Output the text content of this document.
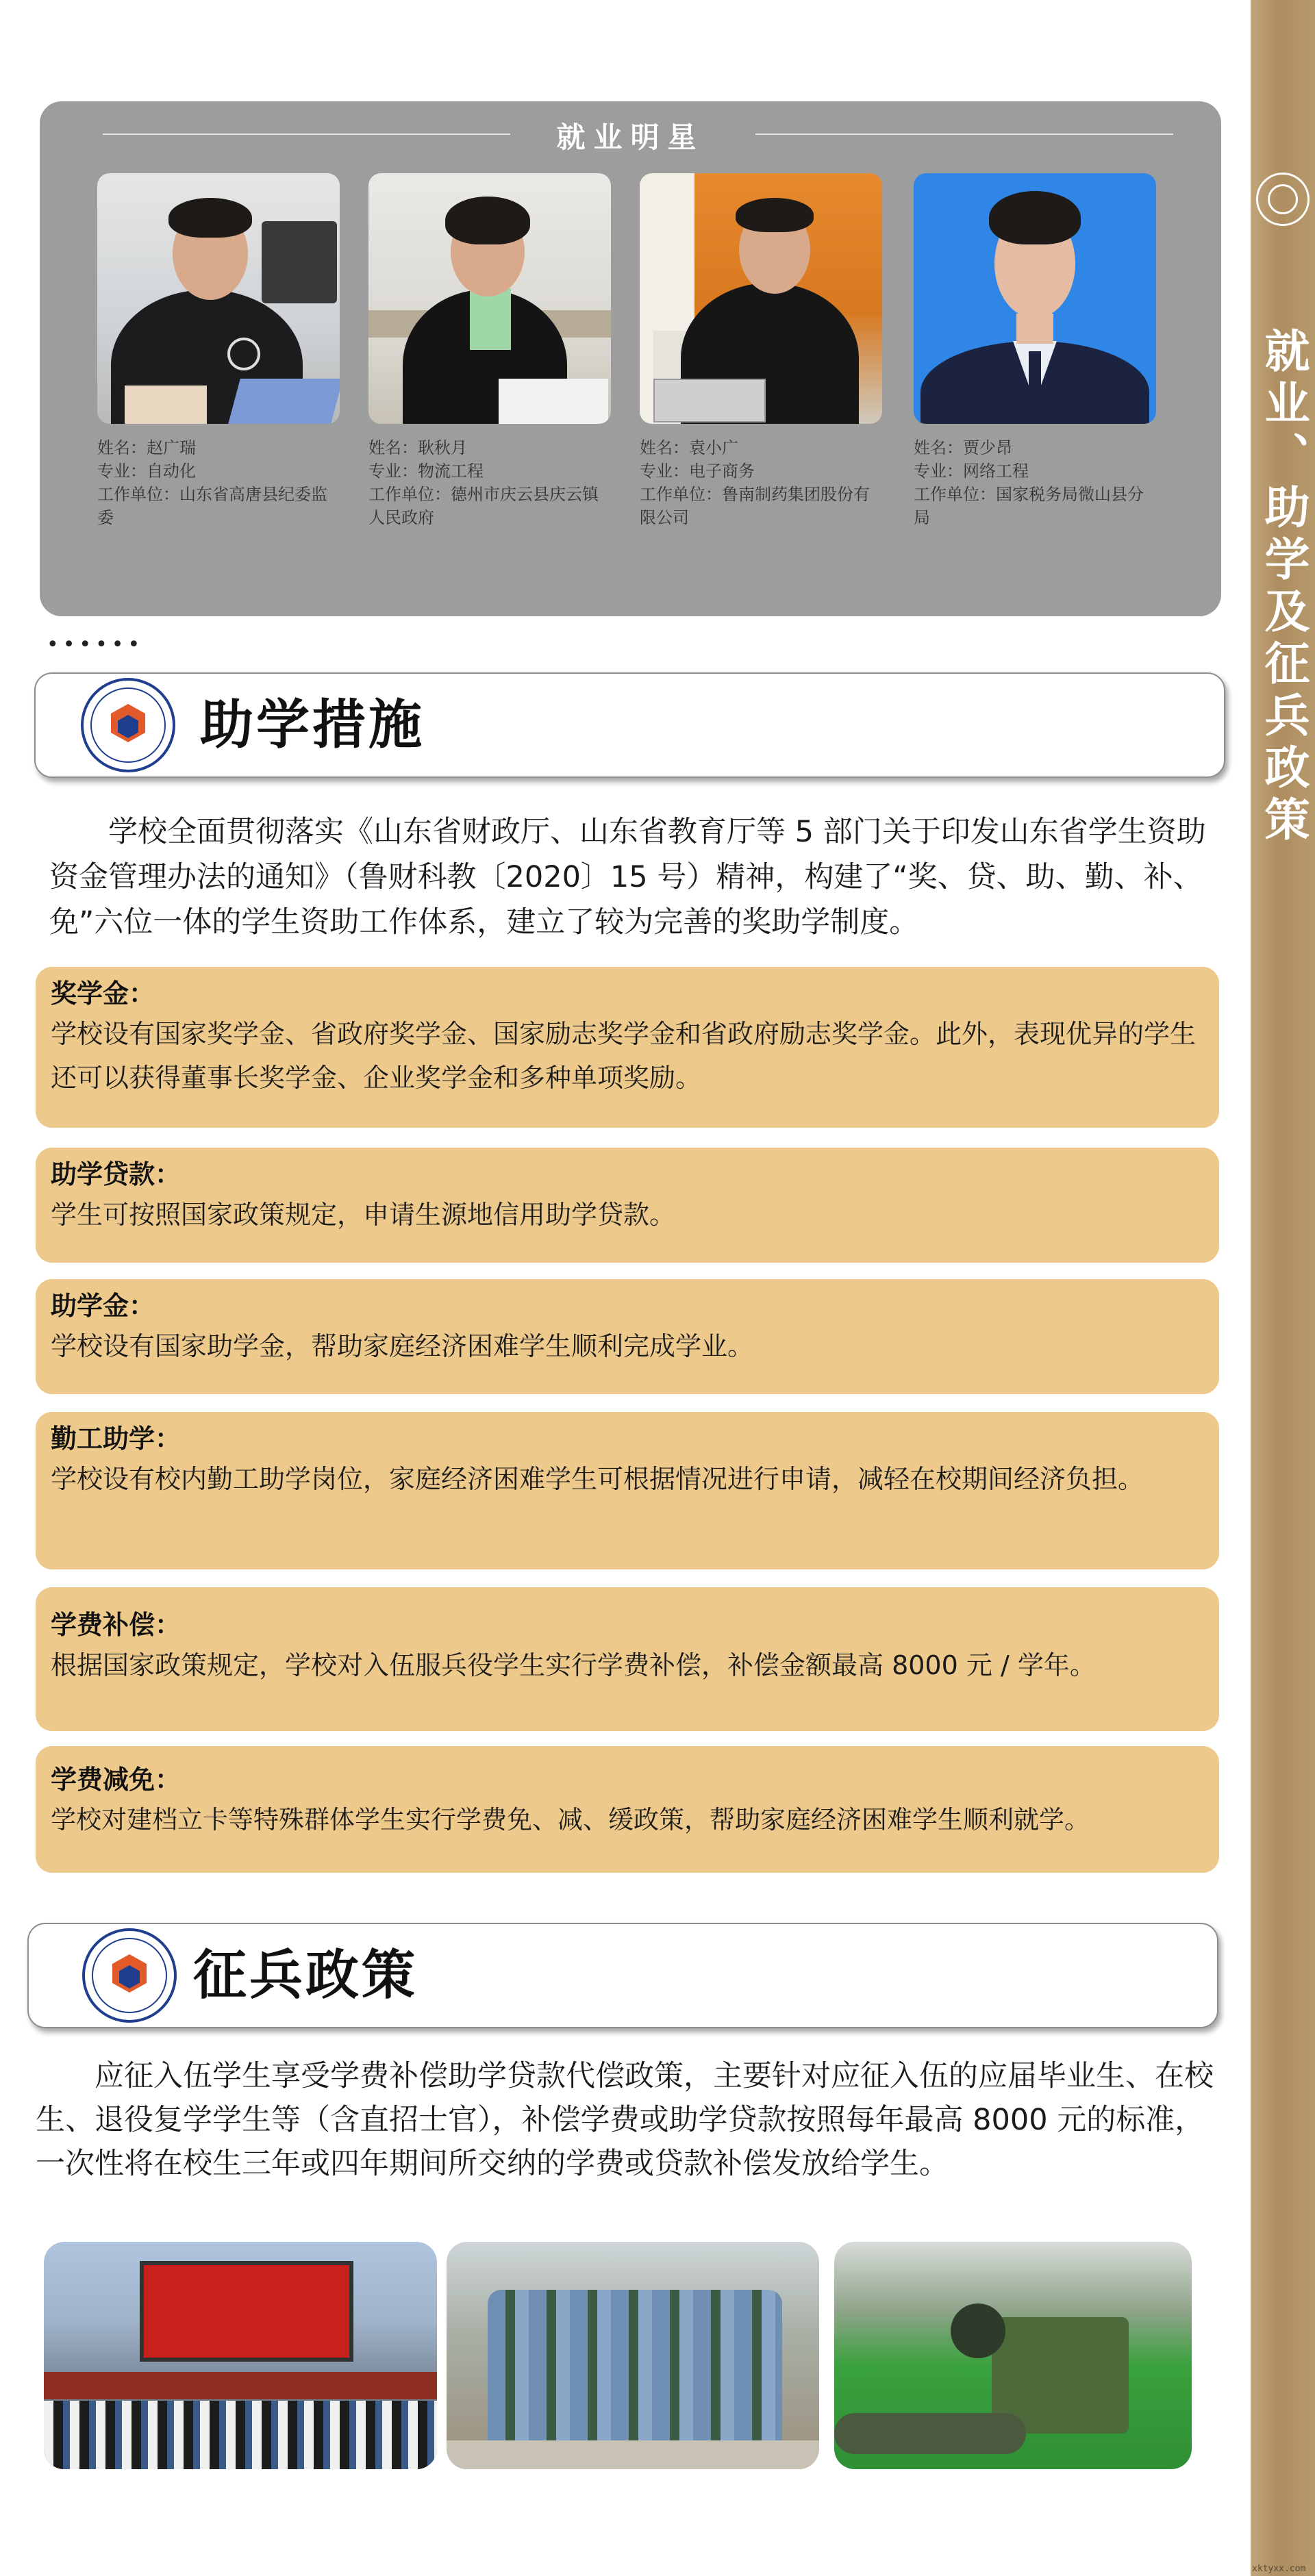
就业、助学及征兵政策
xktyxx.com
就业明星
姓名：赵广瑞
专业：自动化
工作单位：山东省高唐县纪委监委
姓名：耿秋月
专业：物流工程
工作单位：德州市庆云县庆云镇人民政府
姓名：袁小广
专业：电子商务
工作单位：鲁南制药集团股份有限公司
姓名：贾少昂
专业：网络工程
工作单位：国家税务局微山县分局
••••••
助学措施
学校全面贯彻落实《山东省财政厅、山东省教育厅等 5 部门关于印发山东省学生资助资金管理办法的通知》（鲁财科教〔2020〕15 号）精神，构建了“奖、贷、助、勤、补、免”六位一体的学生资助工作体系，建立了较为完善的奖助学制度。
奖学金：
学校设有国家奖学金、省政府奖学金、国家励志奖学金和省政府励志奖学金。此外，表现优异的学生还可以获得董事长奖学金、企业奖学金和多种单项奖励。
助学贷款：
学生可按照国家政策规定，申请生源地信用助学贷款。
助学金：
学校设有国家助学金，帮助家庭经济困难学生顺利完成学业。
勤工助学：
学校设有校内勤工助学岗位，家庭经济困难学生可根据情况进行申请，减轻在校期间经济负担。
学费补偿：
根据国家政策规定，学校对入伍服兵役学生实行学费补偿，补偿金额最高 8000 元 / 学年。
学费减免：
学校对建档立卡等特殊群体学生实行学费免、减、缓政策，帮助家庭经济困难学生顺利就学。
征兵政策
应征入伍学生享受学费补偿助学贷款代偿政策，主要针对应征入伍的应届毕业生、在校生、退役复学学生等（含直招士官），补偿学费或助学贷款按照每年最高 8000 元的标准，一次性将在校生三年或四年期间所交纳的学费或贷款补偿发放给学生。
